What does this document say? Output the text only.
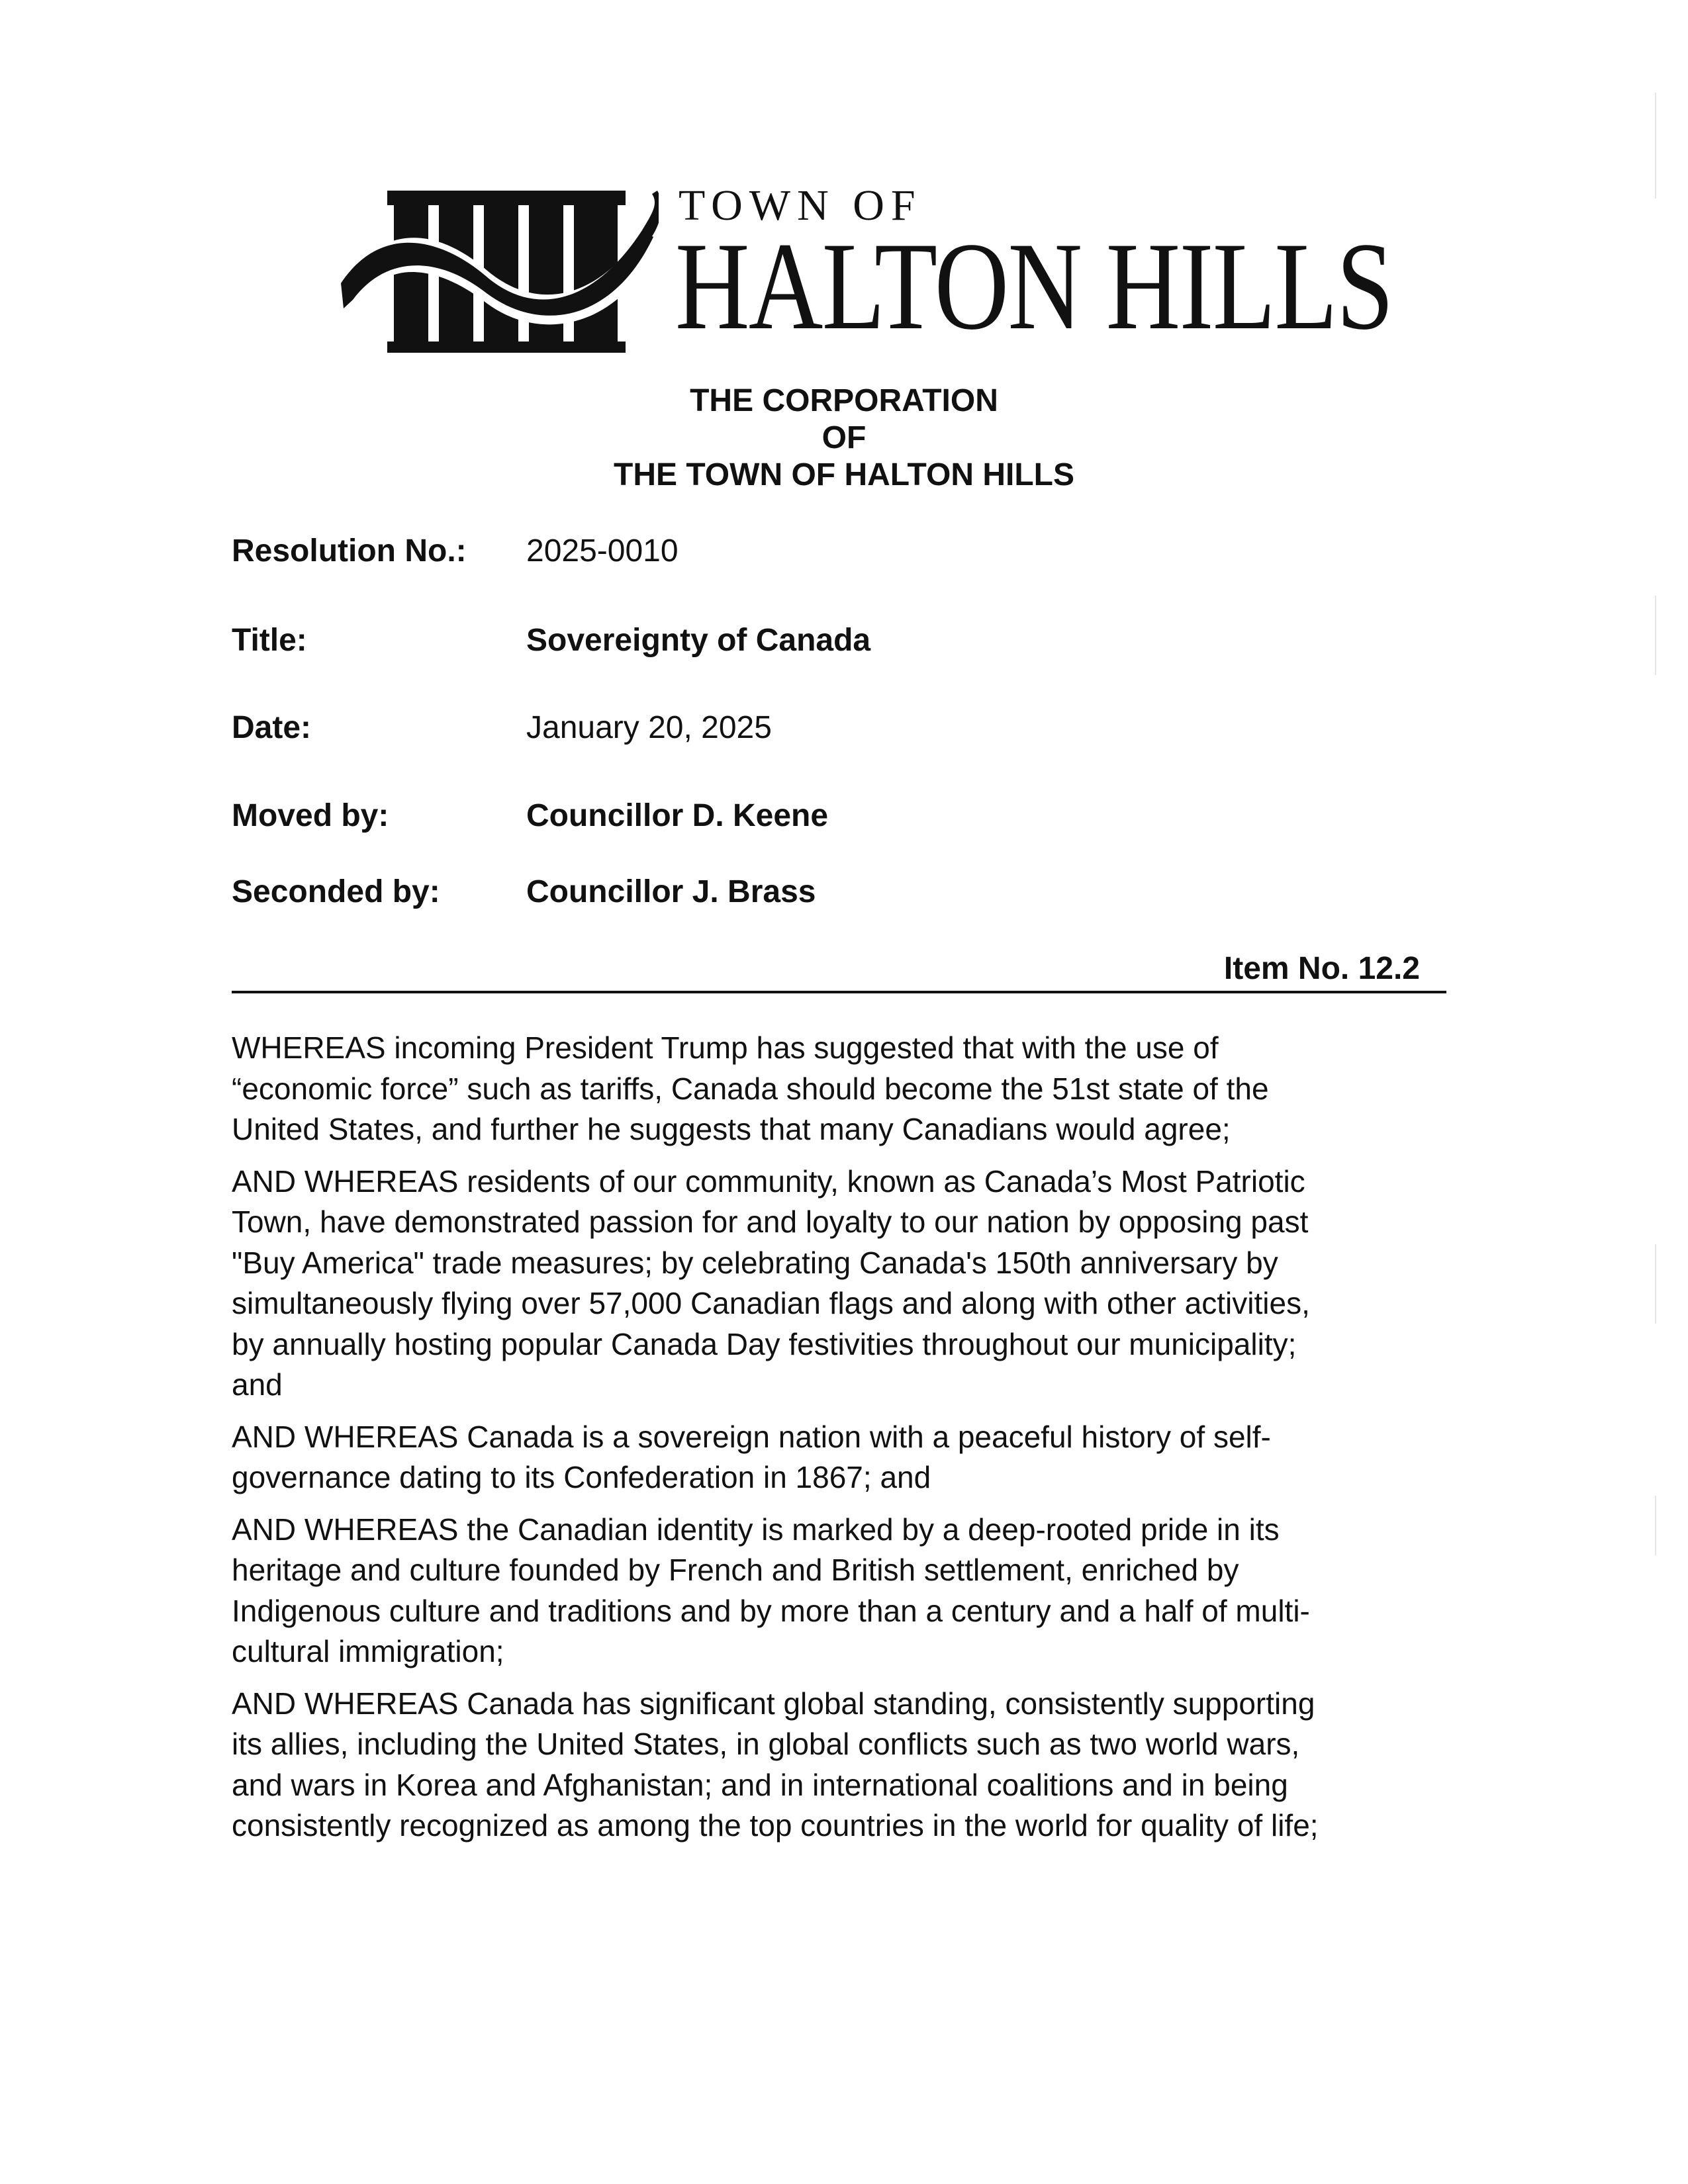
TOWN OF
HALTON HILLS
THE CORPORATION
OF
THE TOWN OF HALTON HILLS
Resolution No.: 2025-0010
Title:	Sovereignty of Canada
Date:	January 20, 2025
Moved by:	Councillor D. Keene
Seconded by:	Councillor J. Brass
Item No. 12.2

WHEREAS incoming President Trump has suggested that with the use of
“economic force” such as tariffs, Canada should become the 51st state of the
United States, and further he suggests that many Canadians would agree;

AND WHEREAS residents of our community, known as Canada’s Most Patriotic
Town, have demonstrated passion for and loyalty to our nation by opposing past
"Buy America" trade measures; by celebrating Canada's 150th anniversary by
simultaneously flying over 57,000 Canadian flags and along with other activities,
by annually hosting popular Canada Day festivities throughout our municipality;
and

AND WHEREAS Canada is a sovereign nation with a peaceful history of self-
governance dating to its Confederation in 1867; and

AND WHEREAS the Canadian identity is marked by a deep-rooted pride in its
heritage and culture founded by French and British settlement, enriched by
Indigenous culture and traditions and by more than a century and a half of multi-
cultural immigration;

AND WHEREAS Canada has significant global standing, consistently supporting
its allies, including the United States, in global conflicts such as two world wars,
and wars in Korea and Afghanistan; and in international coalitions and in being
consistently recognized as among the top countries in the world for quality of life;
